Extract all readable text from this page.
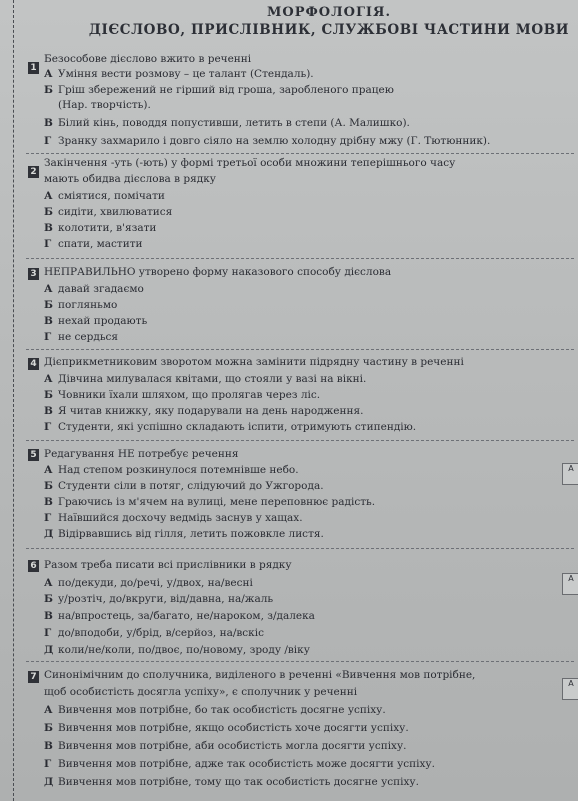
МОРФОЛОГІЯ.
ДІЄСЛОВО, ПРИСЛІВНИК, СЛУЖБОВІ ЧАСТИНИ МОВИ
1
Безособове дієслово вжито в реченні
А Уміння вести розмову – це талант (Стендаль).
Б Гріш збережений не гірший від гроша, заробленого працею
(Нар. творчість).
В Білий кінь, поводдя попустивши, летить в степи (А. Малишко).
Г Зранку захмарило і довго сіяло на землю холодну дрібну мжу (Г. Тютюнник).
2
Закінчення -уть (-ють) у формі третьої особи множини теперішнього часу
мають обидва дієслова в рядку
А сміятися, помічати
Б сидіти, хвилюватися
В колотити, в'язати
Г спати, мастити
3 НЕПРАВИЛЬНО утворено форму наказового способу дієслова
А давай згадаємо
Б погляньмо
В нехай продають
Г не сердься
4 Дієприкметниковим зворотом можна замінити підрядну частину в реченні
А Дівчина милувалася квітами, що стояли у вазі на вікні.
Б Човники їхали шляхом, що пролягав через ліс.
В Я читав книжку, яку подарували на день народження.
Г Студенти, які успішно складають іспити, отримують стипендію.
5 Редагування НЕ потребує речення
А Над степом розкинулося потемнівше небо.
Б Студенти сіли в потяг, слідуючий до Ужгорода.
В Граючись із м'ячем на вулиці, мене переповнює радість.
Г Наївшийся досхочу ведмідь заснув у хащах.
Д Відірвавшись від гілля, летить пожовкле листя.
А
6 Разом треба писати всі прислівники в рядку
А по/декуди, до/речі, у/двох, на/весні
Б у/розтіч, до/вкруги, від/давна, на/жаль
В на/впростець, за/багато, не/нароком, з/далека
Г до/вподоби, у/брід, в/серйоз, на/вскіс
Д коли/не/коли, по/двоє, по/новому, зроду /віку
А
7 Синонімічним до сполучника, виділеного в реченні «Вивчення мов потрібне,
щоб особистість досягла успіху», є сполучник у реченні
А Вивчення мов потрібне, бо так особистість досягне успіху.
Б Вивчення мов потрібне, якщо особистість хоче досягти успіху.
В Вивчення мов потрібне, аби особистість могла досягти успіху.
Г Вивчення мов потрібне, адже так особистість може досягти успіху.
Д Вивчення мов потрібне, тому що так особистість досягне успіху.
А
